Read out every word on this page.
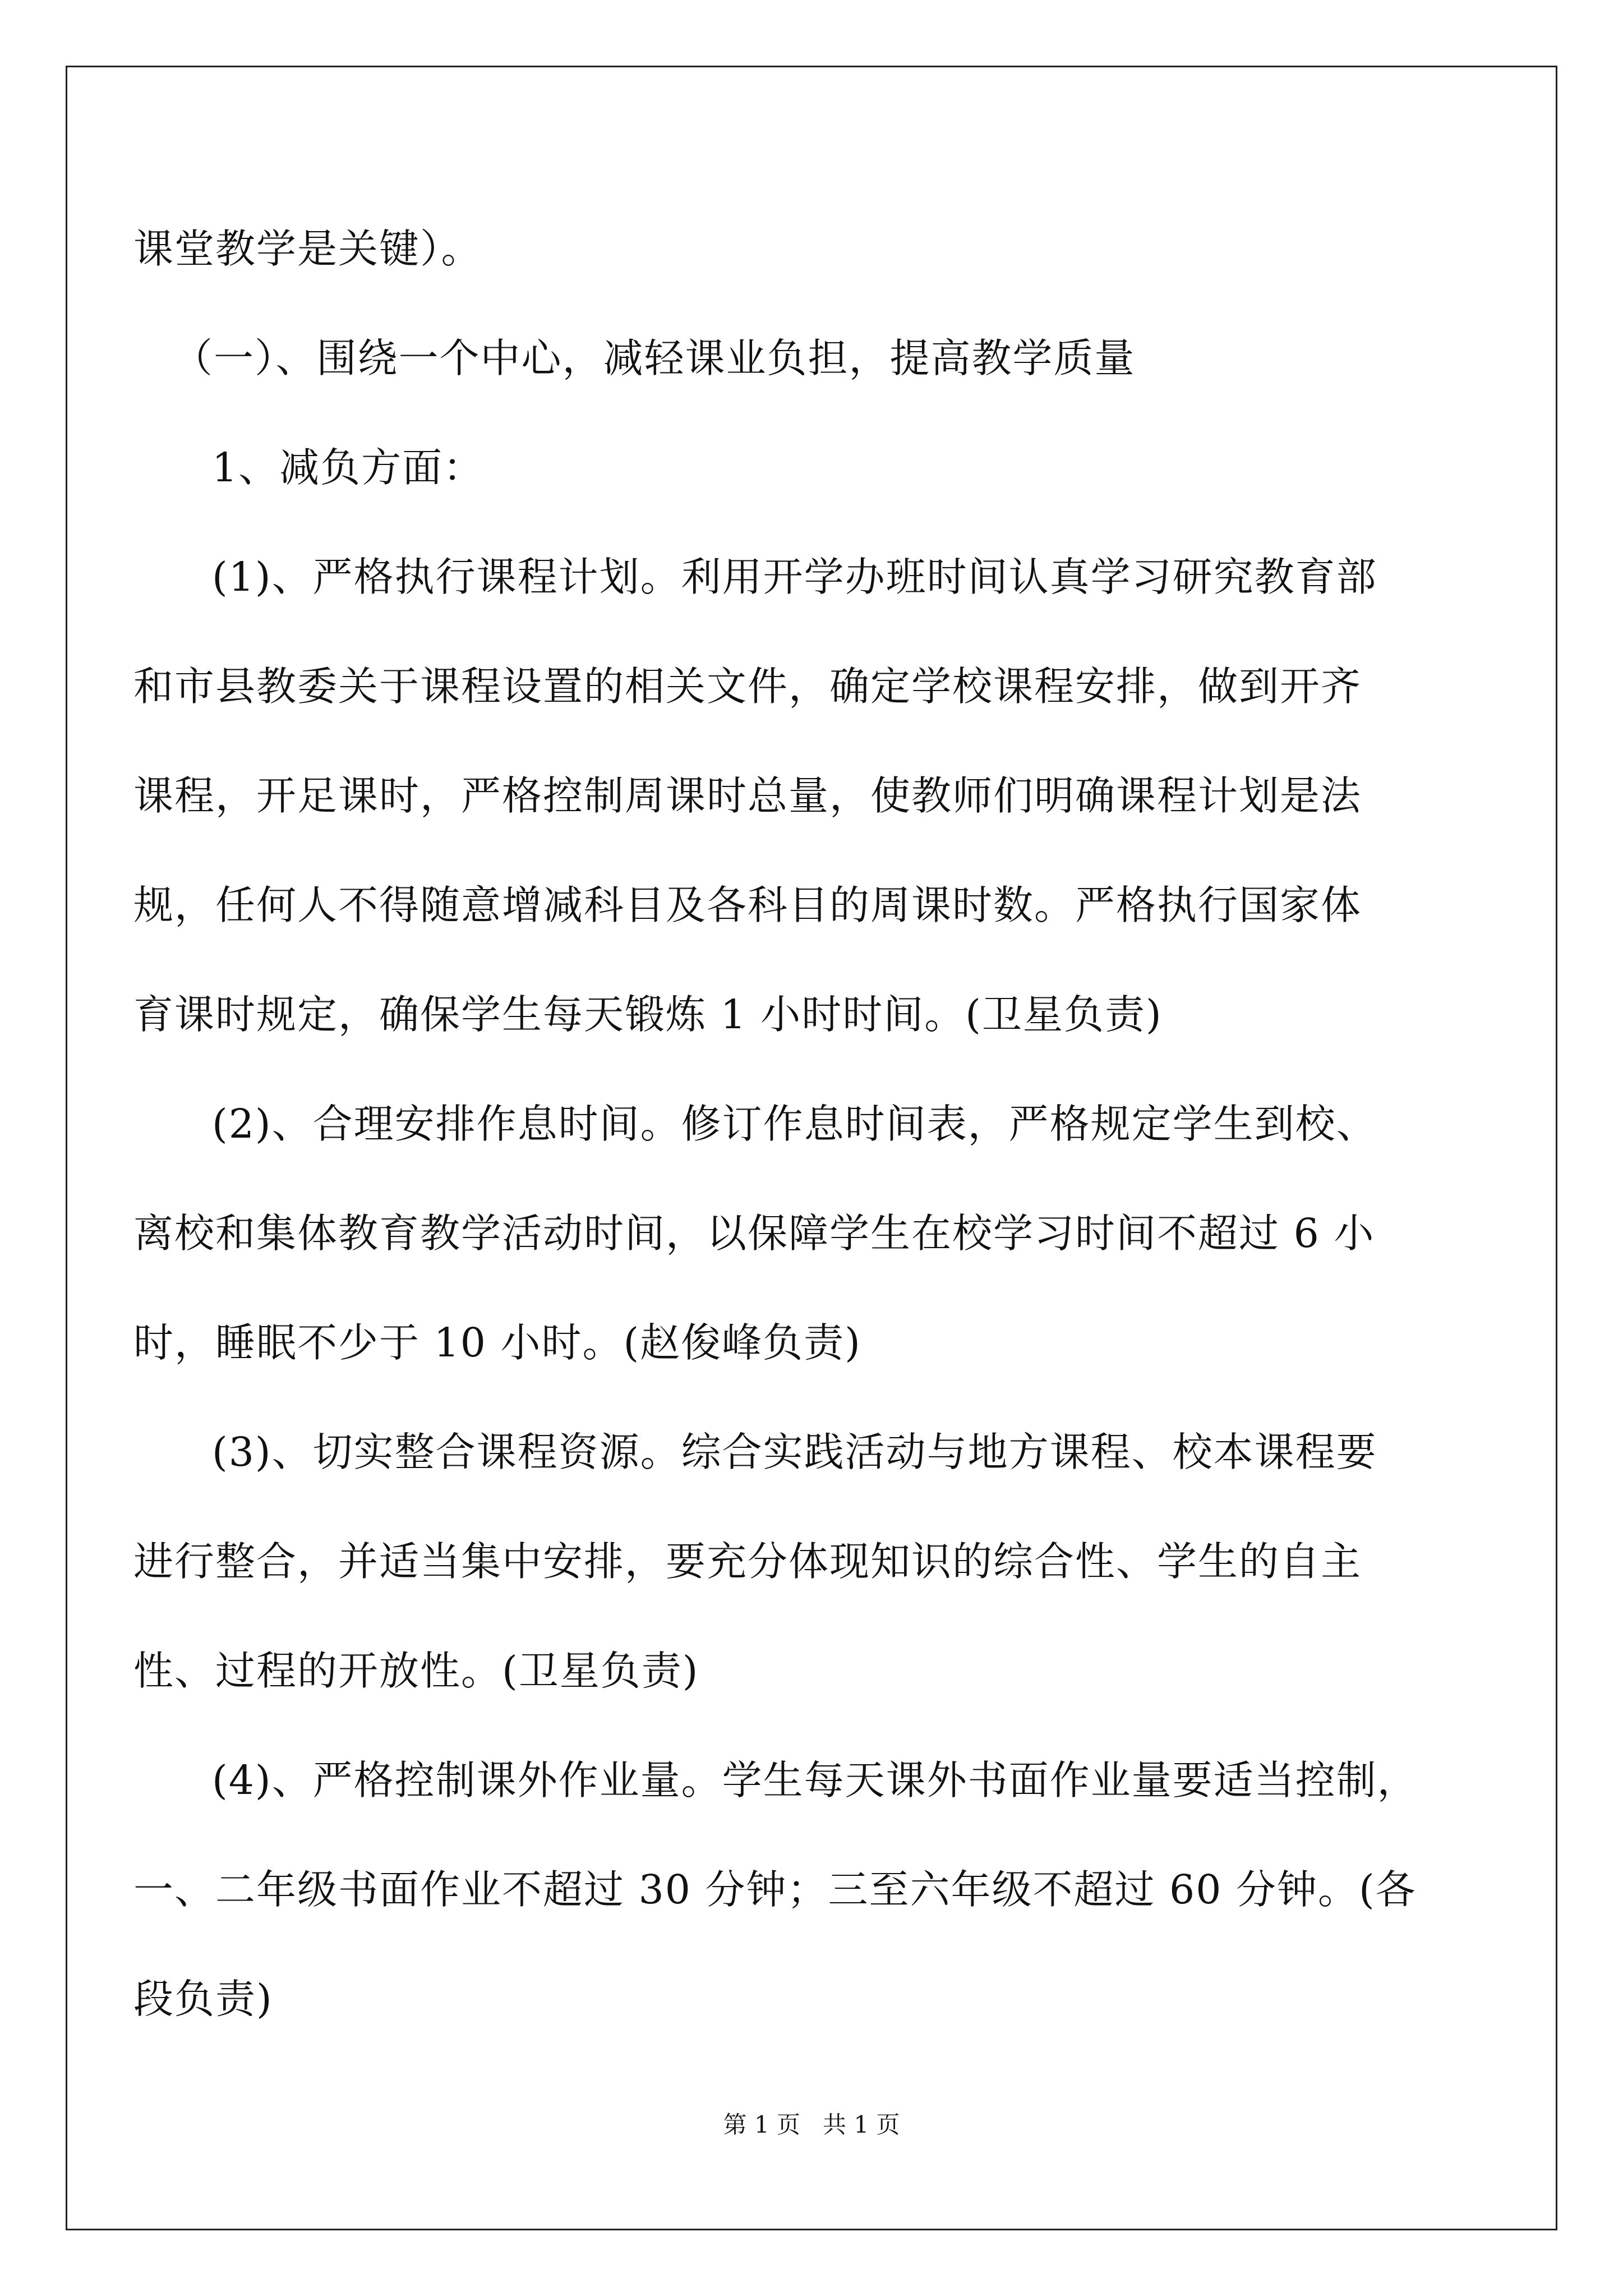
课堂教学是关键）。
（一）、围绕一个中心，减轻课业负担，提高教学质量
1、减负方面：
(1)、严格执行课程计划。利用开学办班时间认真学习研究教育部
和市县教委关于课程设置的相关文件，确定学校课程安排，做到开齐
课程，开足课时，严格控制周课时总量，使教师们明确课程计划是法
规，任何人不得随意增减科目及各科目的周课时数。严格执行国家体
育课时规定，确保学生每天锻炼 1 小时时间。(卫星负责)
(2)、合理安排作息时间。修订作息时间表，严格规定学生到校、
离校和集体教育教学活动时间，以保障学生在校学习时间不超过 6 小
时，睡眠不少于 10 小时。(赵俊峰负责)
(3)、切实整合课程资源。综合实践活动与地方课程、校本课程要
进行整合，并适当集中安排，要充分体现知识的综合性、学生的自主
性、过程的开放性。(卫星负责)
(4)、严格控制课外作业量。学生每天课外书面作业量要适当控制，
一、二年级书面作业不超过 30 分钟；三至六年级不超过 60 分钟。(各
段负责)
第 1 页   共 1 页
